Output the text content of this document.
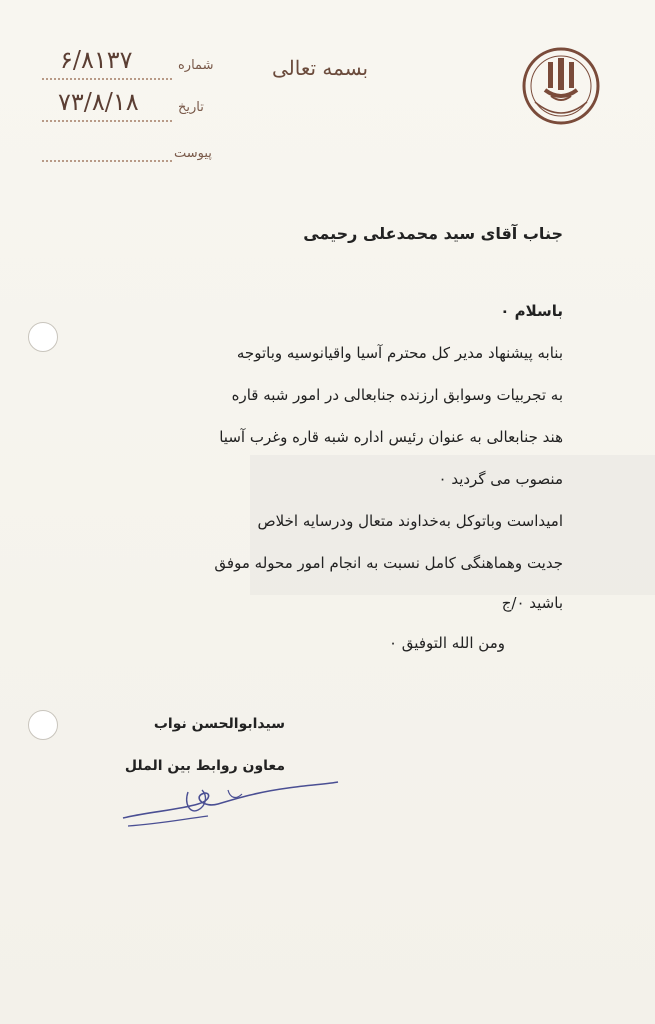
بسمه تعالی
شماره
۶/۸۱۳۷
تاریخ
۷۳/۸/۱۸
پیوست
جناب آقای سید محمدعلی رحیمی
باسلام ۰
بنابه پیشنهاد مدیر کل محترم آسیا واقیانوسیه وباتوجه
به تجربیات وسوابق ارزنده جنابعالی در امور شبه قاره
هند جنابعالی به عنوان رئیس اداره شبه قاره وغرب آسیا
منصوب می گردید ۰
امیداست وباتوکل به‌خداوند متعال ودرسایه اخلاص
جدیت وهماهنگی کامل نسبت به انجام امور محوله موفق
باشید ۰/ج
ومن الله التوفیق ۰
سیدابوالحسن نواب
معاون روابط بین الملل
